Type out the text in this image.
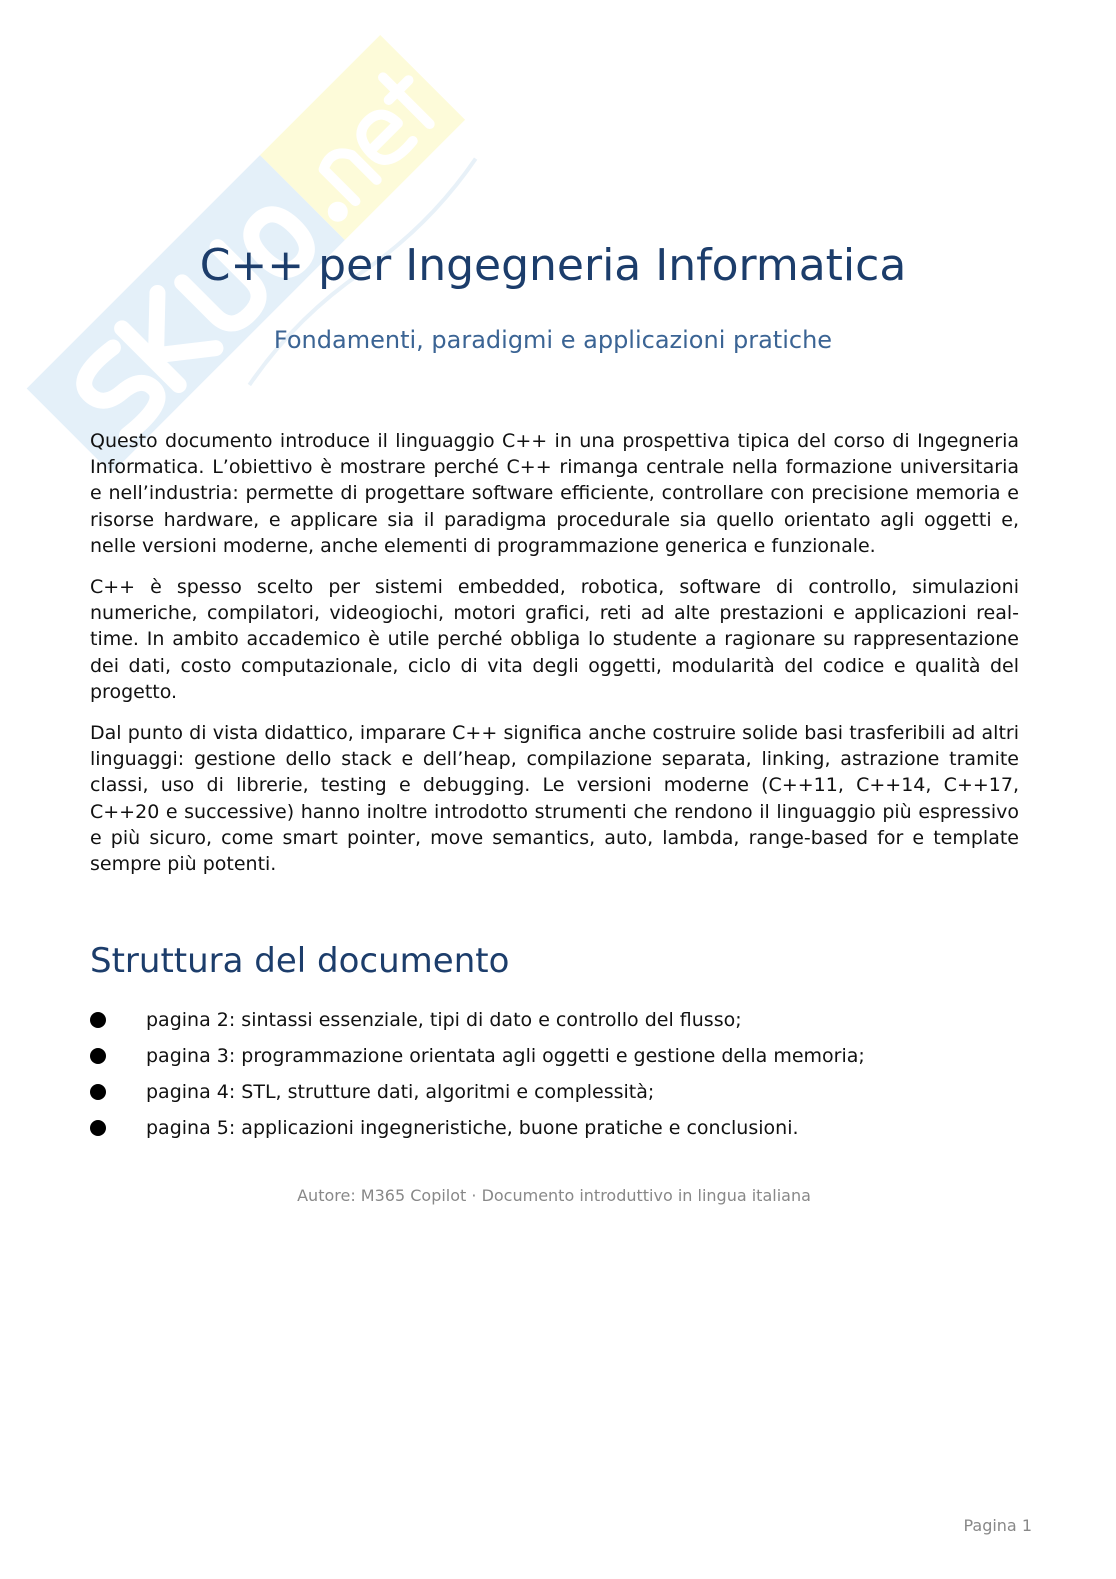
C++ per Ingegneria Informatica
Fondamenti, paradigmi e applicazioni pratiche

Questo documento introduce il linguaggio C++ in una prospettiva tipica del corso di Ingegneria Informatica. L’obiettivo è mostrare perché C++ rimanga centrale nella formazione universitaria e nell’industria: permette di progettare software efficiente, controllare con precisione memoria e risorse hardware, e applicare sia il paradigma procedurale sia quello orientato agli oggetti e, nelle versioni moderne, anche elementi di programmazione generica e funzionale.

C++ è spesso scelto per sistemi embedded, robotica, software di controllo, simulazioni numeriche, compilatori, videogiochi, motori grafici, reti ad alte prestazioni e applicazioni real-time. In ambito accademico è utile perché obbliga lo studente a ragionare su rappresentazione dei dati, costo computazionale, ciclo di vita degli oggetti, modularità del codice e qualità del progetto.

Dal punto di vista didattico, imparare C++ significa anche costruire solide basi trasferibili ad altri linguaggi: gestione dello stack e dell’heap, compilazione separata, linking, astrazione tramite classi, uso di librerie, testing e debugging. Le versioni moderne (C++11, C++14, C++17, C++20 e successive) hanno inoltre introdotto strumenti che rendono il linguaggio più espressivo e più sicuro, come smart pointer, move semantics, auto, lambda, range-based for e template sempre più potenti.

Struttura del documento
pagina 2: sintassi essenziale, tipi di dato e controllo del flusso;
pagina 3: programmazione orientata agli oggetti e gestione della memoria;
pagina 4: STL, strutture dati, algoritmi e complessità;
pagina 5: applicazioni ingegneristiche, buone pratiche e conclusioni.
Autore: M365 Copilot · Documento introduttivo in lingua italiana
Pagina 1
